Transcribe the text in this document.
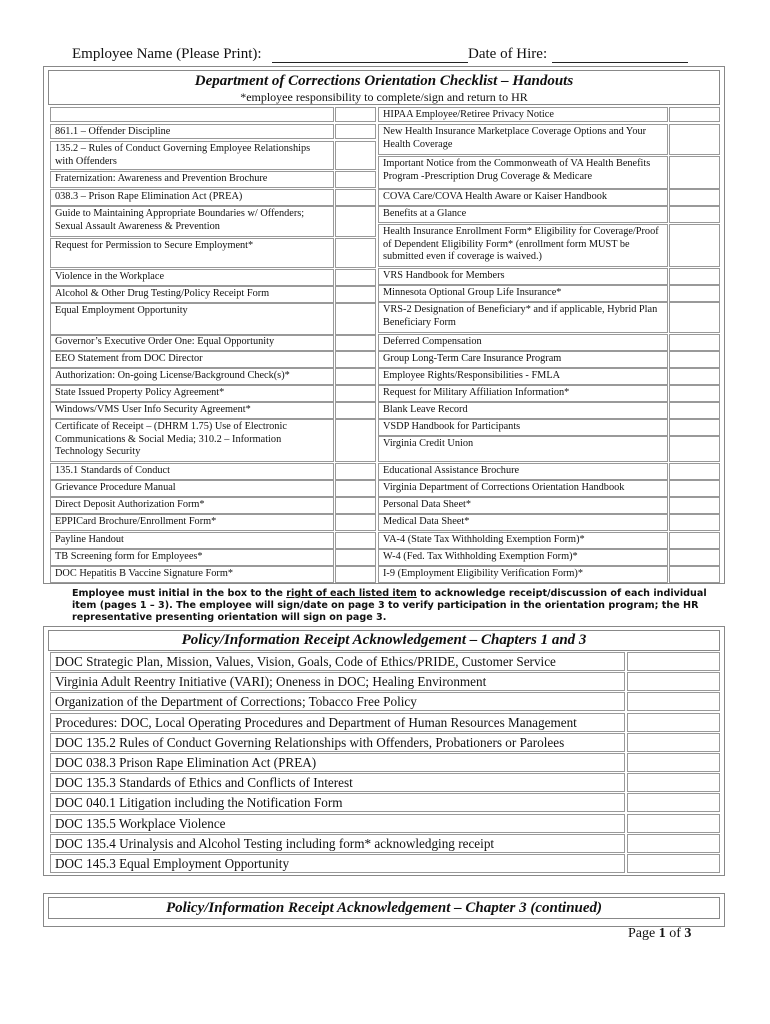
Employee Name (Please Print):	Date of Hire:
Department of Corrections Orientation Checklist – Handouts
*employee responsibility to complete/sign and return to HR
861.1 – Offender Discipline
135.2 – Rules of Conduct Governing Employee Relationships with Offenders
Fraternization: Awareness and Prevention Brochure
038.3 – Prison Rape Elimination Act (PREA)
Guide to Maintaining Appropriate Boundaries w/ Offenders; Sexual Assault Awareness & Prevention
Request for Permission to Secure Employment*
Violence in the Workplace
Alcohol & Other Drug Testing/Policy Receipt Form
Equal Employment Opportunity
Governor’s Executive Order One: Equal Opportunity
EEO Statement from DOC Director
Authorization: On-going License/Background Check(s)*
State Issued Property Policy Agreement*
Windows/VMS User Info Security Agreement*
Certificate of Receipt – (DHRM 1.75) Use of Electronic Communications & Social Media; 310.2 – Information Technology Security
135.1 Standards of Conduct
Grievance Procedure Manual
Direct Deposit Authorization Form*
EPPICard Brochure/Enrollment Form*
Payline Handout
TB Screening form for Employees*
DOC Hepatitis B Vaccine Signature Form*
HIPAA Employee/Retiree Privacy Notice
New Health Insurance Marketplace Coverage Options and Your Health Coverage
Important Notice from the Commonweath of VA Health Benefits Program -Prescription Drug Coverage & Medicare
COVA Care/COVA Health Aware or Kaiser Handbook
Benefits at a Glance
Health Insurance Enrollment Form* Eligibility for Coverage/Proof of Dependent Eligibility Form* (enrollment form MUST be submitted even if coverage is waived.)
VRS Handbook for Members
Minnesota Optional Group Life Insurance*
VRS-2 Designation of Beneficiary* and if applicable, Hybrid Plan Beneficiary Form
Deferred Compensation
Group Long-Term Care Insurance Program
Employee Rights/Responsibilities - FMLA
Request for Military Affiliation Information*
Blank Leave Record
VSDP Handbook for Participants
Virginia Credit Union
Educational Assistance Brochure
Virginia Department of Corrections Orientation Handbook
Personal Data Sheet*
Medical Data Sheet*
VA-4 (State Tax Withholding Exemption Form)*
W-4 (Fed. Tax Withholding Exemption Form)*
I-9 (Employment Eligibility Verification Form)*
Employee must initial in the box to the right of each listed item to acknowledge receipt/discussion of each individual item (pages 1 – 3). The employee will sign/date on page 3 to verify participation in the orientation program; the HR representative presenting orientation will sign on page 3.
Policy/Information Receipt Acknowledgement – Chapters 1 and 3
DOC Strategic Plan, Mission, Values, Vision, Goals, Code of Ethics/PRIDE, Customer Service
Virginia Adult Reentry Initiative (VARI); Oneness in DOC; Healing Environment
Organization of the Department of Corrections; Tobacco Free Policy
Procedures: DOC, Local Operating Procedures and Department of Human Resources Management
DOC 135.2 Rules of Conduct Governing Relationships with Offenders, Probationers or Parolees
DOC 038.3 Prison Rape Elimination Act (PREA)
DOC 135.3 Standards of Ethics and Conflicts of Interest
DOC 040.1 Litigation including the Notification Form
DOC 135.5 Workplace Violence
DOC 135.4 Urinalysis and Alcohol Testing including form* acknowledging receipt
DOC 145.3 Equal Employment Opportunity
Policy/Information Receipt Acknowledgement – Chapter 3 (continued)
Page 1 of 3
